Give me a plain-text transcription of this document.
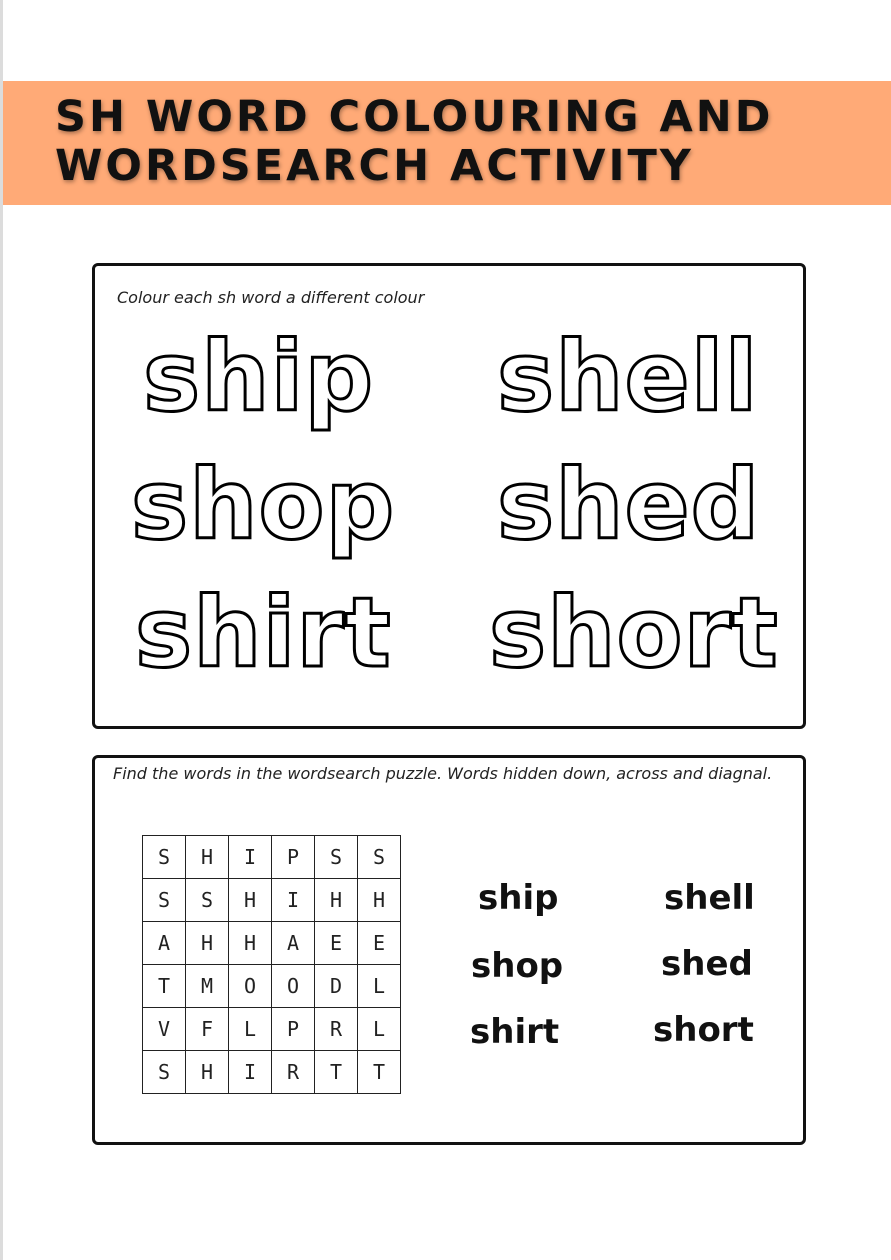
SH WORD COLOURING AND WORDSEARCH ACTIVITY

Colour each sh word a different colour

ship shell
shop shed
shirt short

Find the words in the wordsearch puzzle. Words hidden down, across and diagnal.

S	H	I	P	S	S
S	S	H	I	H	H
A	H	H	A	E	E
T	M	O	O	D	L
V	F	L	P	R	L
S	H	I	R	T	T
ship	shell
shop	shed
shirt	short
